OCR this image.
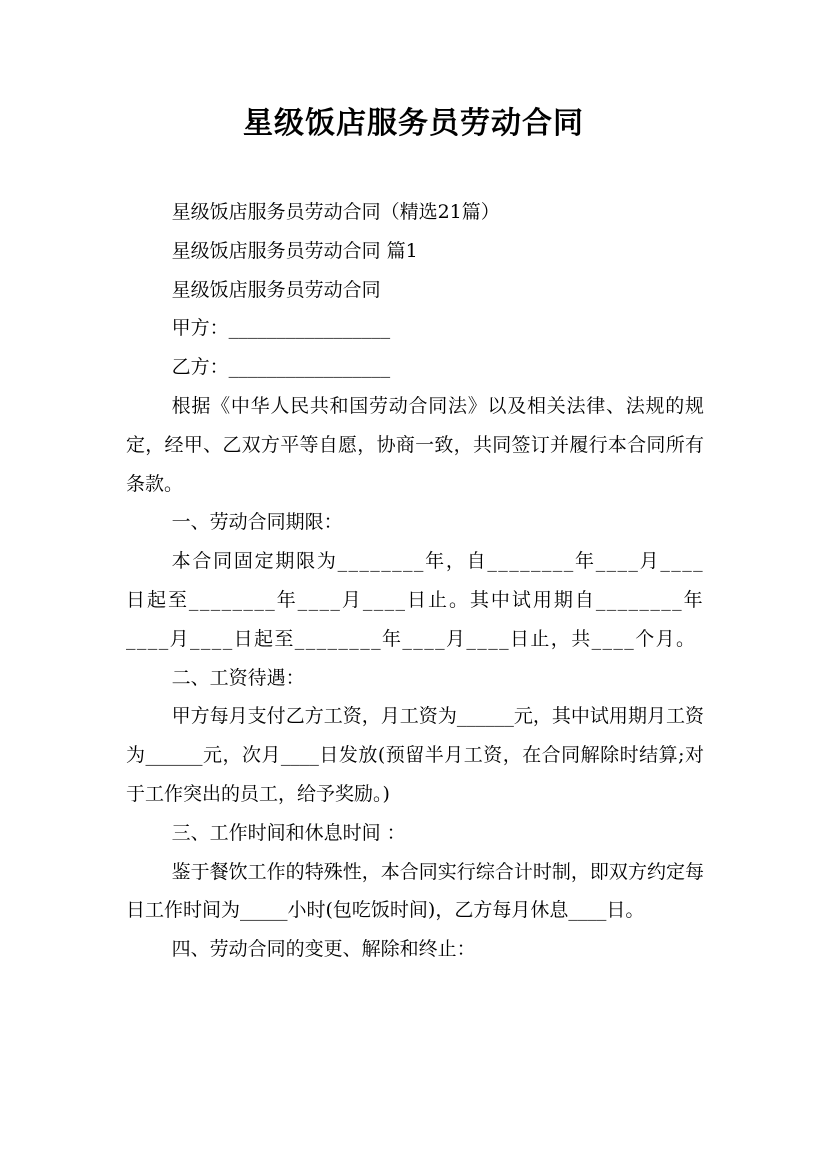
星级饭店服务员劳动合同

星级饭店服务员劳动合同（精选21篇）

星级饭店服务员劳动合同 篇1

星级饭店服务员劳动合同

甲方：_________________

乙方：_________________

根据《中华人民共和国劳动合同法》以及相关法律、法规的规定，经甲、乙双方平等自愿，协商一致，共同签订并履行本合同所有条款。

一、劳动合同期限：

本合同固定期限为________年，自________年____月____日起至________年____月____日止。其中试用期自________年____月____日起至________年____月____日止，共____个月。

二、工资待遇：

甲方每月支付乙方工资，月工资为______元，其中试用期月工资为______元，次月____日发放(预留半月工资，在合同解除时结算;对于工作突出的员工，给予奖励。)

三、工作时间和休息时间 ：

鉴于餐饮工作的特殊性，本合同实行综合计时制，即双方约定每日工作时间为_____小时(包吃饭时间)，乙方每月休息____日。

四、劳动合同的变更、解除和终止：
